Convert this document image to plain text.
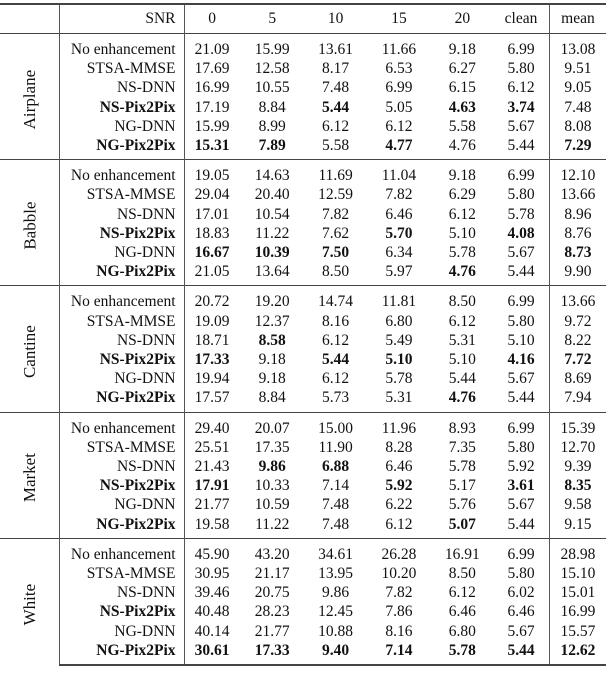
	SNR	0	5	10	15	20	clean	mean
Airplane	No enhancement	21.09	15.99	13.61	11.66	9.18	6.99	13.08
	STSA-MMSE	17.69	12.58	8.17	6.53	6.27	5.80	9.51
	NS-DNN	16.99	10.55	7.48	6.99	6.15	6.12	9.05
	NS-Pix2Pix	17.19	8.84	5.44	5.05	4.63	3.74	7.48
	NG-DNN	15.99	8.99	6.12	6.12	5.58	5.67	8.08
	NG-Pix2Pix	15.31	7.89	5.58	4.77	4.76	5.44	7.29
Babble	No enhancement	19.05	14.63	11.69	11.04	9.18	6.99	12.10
	STSA-MMSE	29.04	20.40	12.59	7.82	6.29	5.80	13.66
	NS-DNN	17.01	10.54	7.82	6.46	6.12	5.78	8.96
	NS-Pix2Pix	18.83	11.22	7.62	5.70	5.10	4.08	8.76
	NG-DNN	16.67	10.39	7.50	6.34	5.78	5.67	8.73
	NG-Pix2Pix	21.05	13.64	8.50	5.97	4.76	5.44	9.90
Cantine	No enhancement	20.72	19.20	14.74	11.81	8.50	6.99	13.66
	STSA-MMSE	19.09	12.37	8.16	6.80	6.12	5.80	9.72
	NS-DNN	18.71	8.58	6.12	5.49	5.31	5.10	8.22
	NS-Pix2Pix	17.33	9.18	5.44	5.10	5.10	4.16	7.72
	NG-DNN	19.94	9.18	6.12	5.78	5.44	5.67	8.69
	NG-Pix2Pix	17.57	8.84	5.73	5.31	4.76	5.44	7.94
Market	No enhancement	29.40	20.07	15.00	11.96	8.93	6.99	15.39
	STSA-MMSE	25.51	17.35	11.90	8.28	7.35	5.80	12.70
	NS-DNN	21.43	9.86	6.88	6.46	5.78	5.92	9.39
	NS-Pix2Pix	17.91	10.33	7.14	5.92	5.17	3.61	8.35
	NG-DNN	21.77	10.59	7.48	6.22	5.76	5.67	9.58
	NG-Pix2Pix	19.58	11.22	7.48	6.12	5.07	5.44	9.15
White	No enhancement	45.90	43.20	34.61	26.28	16.91	6.99	28.98
	STSA-MMSE	30.95	21.17	13.95	10.20	8.50	5.80	15.10
	NS-DNN	39.46	20.75	9.86	7.82	6.12	6.02	15.01
	NS-Pix2Pix	40.48	28.23	12.45	7.86	6.46	6.46	16.99
	NG-DNN	40.14	21.77	10.88	8.16	6.80	5.67	15.57
	NG-Pix2Pix	30.61	17.33	9.40	7.14	5.78	5.44	12.62
